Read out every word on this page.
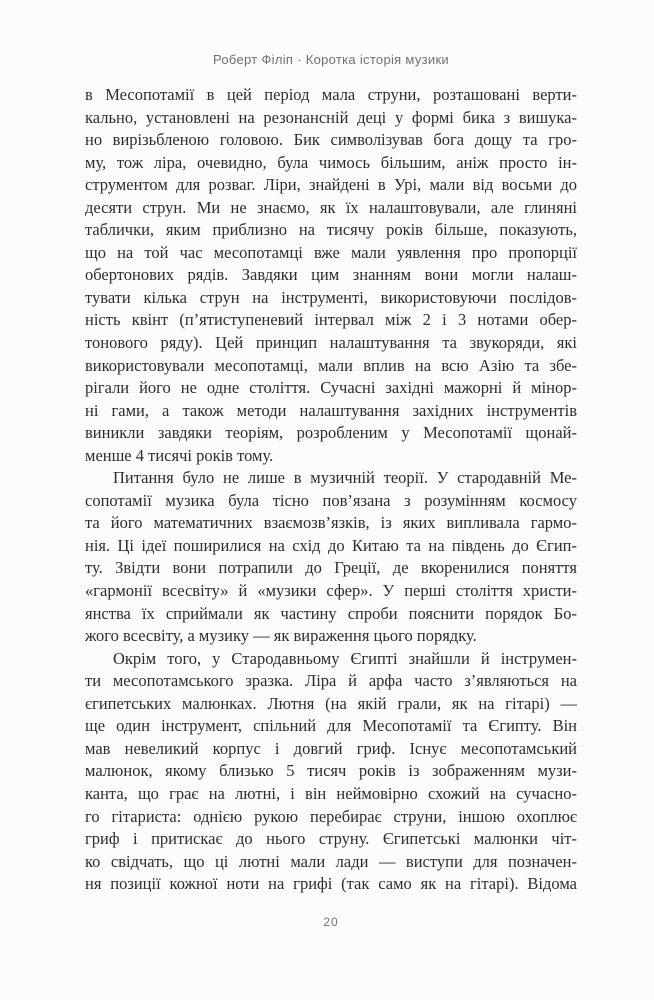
Роберт Філіп · Коротка історія музики
в Месопотамії в цей період мала струни, розташовані верти-
кально, установлені на резонансній деці у формі бика з вишука-
но вирізьбленою головою. Бик символізував бога дощу та гро-
му, тож ліра, очевидно, була чимось більшим, аніж просто ін-
струментом для розваг. Ліри, знайдені в Урі, мали від восьми до
десяти струн. Ми не знаємо, як їх налаштовували, але глиняні
таблички, яким приблизно на тисячу років більше, показують,
що на той час месопотамці вже мали уявлення про пропорції
обертонових рядів. Завдяки цим знанням вони могли налаш-
тувати кілька струн на інструменті, використовуючи послідов-
ність квінт (п’ятиступеневий інтервал між 2 і 3 нотами обер-
тонового ряду). Цей принцип налаштування та звукоряди, які
використовували месопотамці, мали вплив на всю Азію та збе-
рігали його не одне століття. Сучасні західні мажорні й мінор-
ні гами, а також методи налаштування західних інструментів
виникли завдяки теоріям, розробленим у Месопотамії щонай-
менше 4 тисячі років тому.
Питання було не лише в музичній теорії. У стародавній Ме-
сопотамії музика була тісно пов’язана з розумінням космосу
та його математичних взаємозв’язків, із яких випливала гармо-
нія. Ці ідеї поширилися на схід до Китаю та на південь до Єгип-
ту. Звідти вони потрапили до Греції, де вкоренилися поняття
«гармонії всесвіту» й «музики сфер». У перші століття христи-
янства їх сприймали як частину спроби пояснити порядок Бо-
жого всесвіту, а музику — як вираження цього порядку.
Окрім того, у Стародавньому Єгипті знайшли й інструмен-
ти месопотамського зразка. Ліра й арфа часто з’являються на
єгипетських малюнках. Лютня (на якій грали, як на гітарі) —
ще один інструмент, спільний для Месопотамії та Єгипту. Він
мав невеликий корпус і довгий гриф. Існує месопотамський
малюнок, якому близько 5 тисяч років із зображенням музи-
канта, що грає на лютні, і він неймовірно схожий на сучасно-
го гітариста: однією рукою перебирає струни, іншою охоплює
гриф і притискає до нього струну. Єгипетські малюнки чіт-
ко свідчать, що ці лютні мали лади — виступи для позначен-
ня позиції кожної ноти на грифі (так само як на гітарі). Відома
20
